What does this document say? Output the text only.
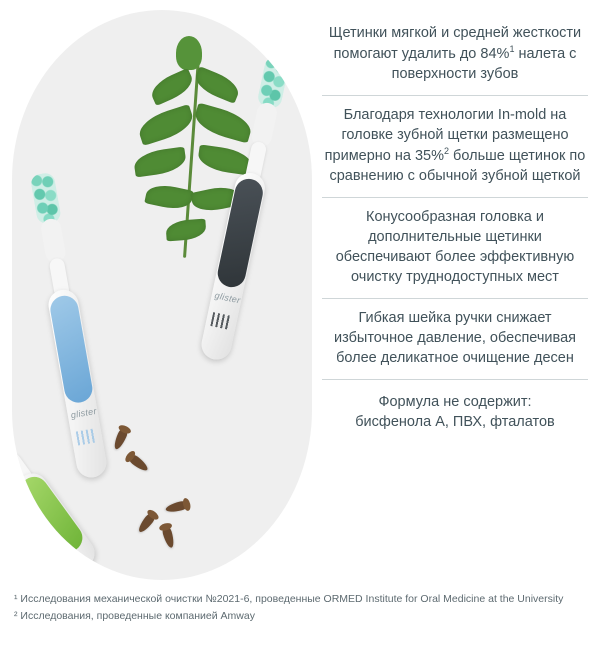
glister
glister
Щетинки мягкой и средней жесткости помогают удалить до 84%$^1$ налета с поверхности зубов
Благодаря технологии In-mold на головке зубной щетки размещено примерно на 35%$^2$ больше щетинок по сравнению с обычной зубной щеткой
Конусообразная головка и дополнительные щетинки обеспечивают более эффективную очистку труднодоступных мест
Гибкая шейка ручки снижает избыточное давление, обеспечивая более деликатное очищение десен
Формула не содержит:
бисфенола А, ПВХ, фталатов
¹ Исследования механической очистки №2021-6, проведенные ORMED Institute for Oral Medicine at the University
² Исследования, проведенные компанией Amway
